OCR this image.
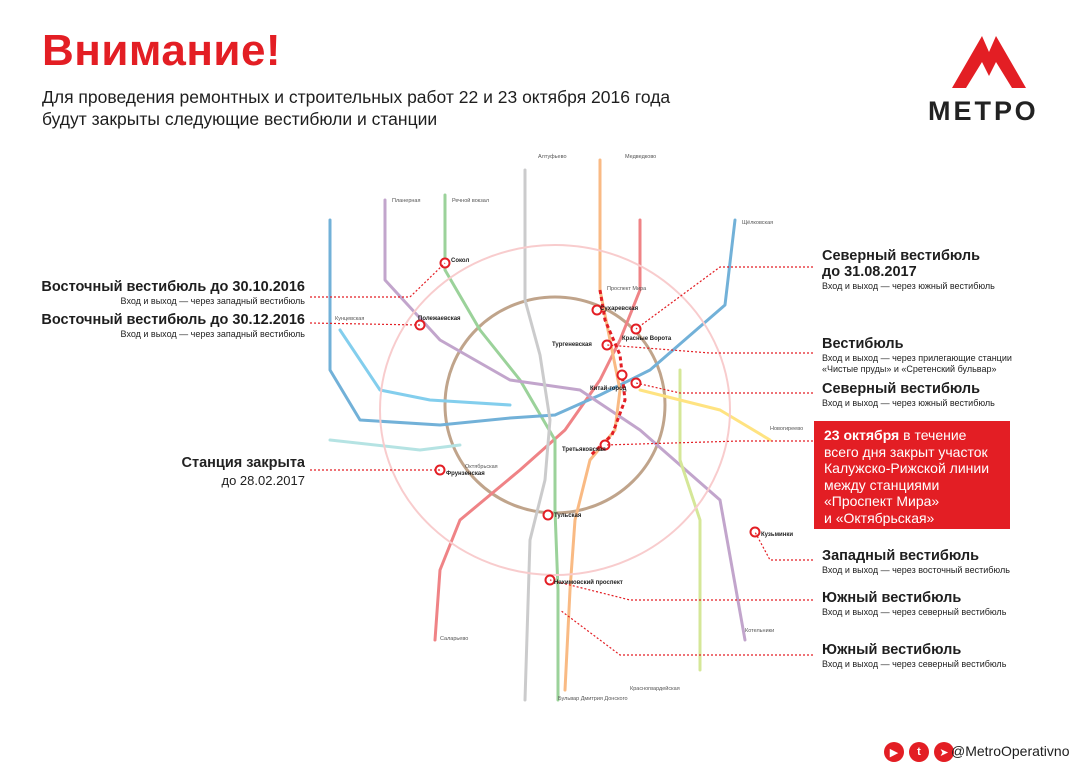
Внимание!
Для проведения ремонтных и строительных работ 22 и 23 октября 2016 года
будут закрыты следующие вестибюли и станции	МЕТРО
Сокол
Полежаевская
Фрунзенская
Сухаревская
Тургеневская
Красные Ворота
Китай-город
Третьяковская
Тульская
Нахимовский проспект
Кузьминки
Проспект Мира
Октябрьская
Медведково
Алтуфьево
Планерная	Речной вокзал
Щёлковская
Новогиреево
Котельники
Бульвар Дмитрия Донского
Красногвардейская
Саларьево
Кунцевская
Восточный вестибюль до 30.10.2016
Вход и выход — через западный вестибюль
Восточный вестибюль до 30.12.2016
Вход и выход — через западный вестибюль
Станция закрыта
до 28.02.2017
Северный вестибюль
до 31.08.2017
Вход и выход — через южный вестибюль
Вестибюль
Вход и выход — через прилегающие станции
«Чистые пруды» и «Сретенский бульвар»
Северный вестибюль
Вход и выход — через южный вестибюль
23 октября в течение
всего дня закрыт участок
Калужско-Рижской линии
между станциями
«Проспект Мира»
и «Октябрьская»
Западный вестибюль
Вход и выход — через восточный вестибюль
Южный вестибюль
Вход и выход — через северный вестибюль
Южный вестибюль
Вход и выход — через северный вестибюль
▶	t	➤ @MetroOperativno
